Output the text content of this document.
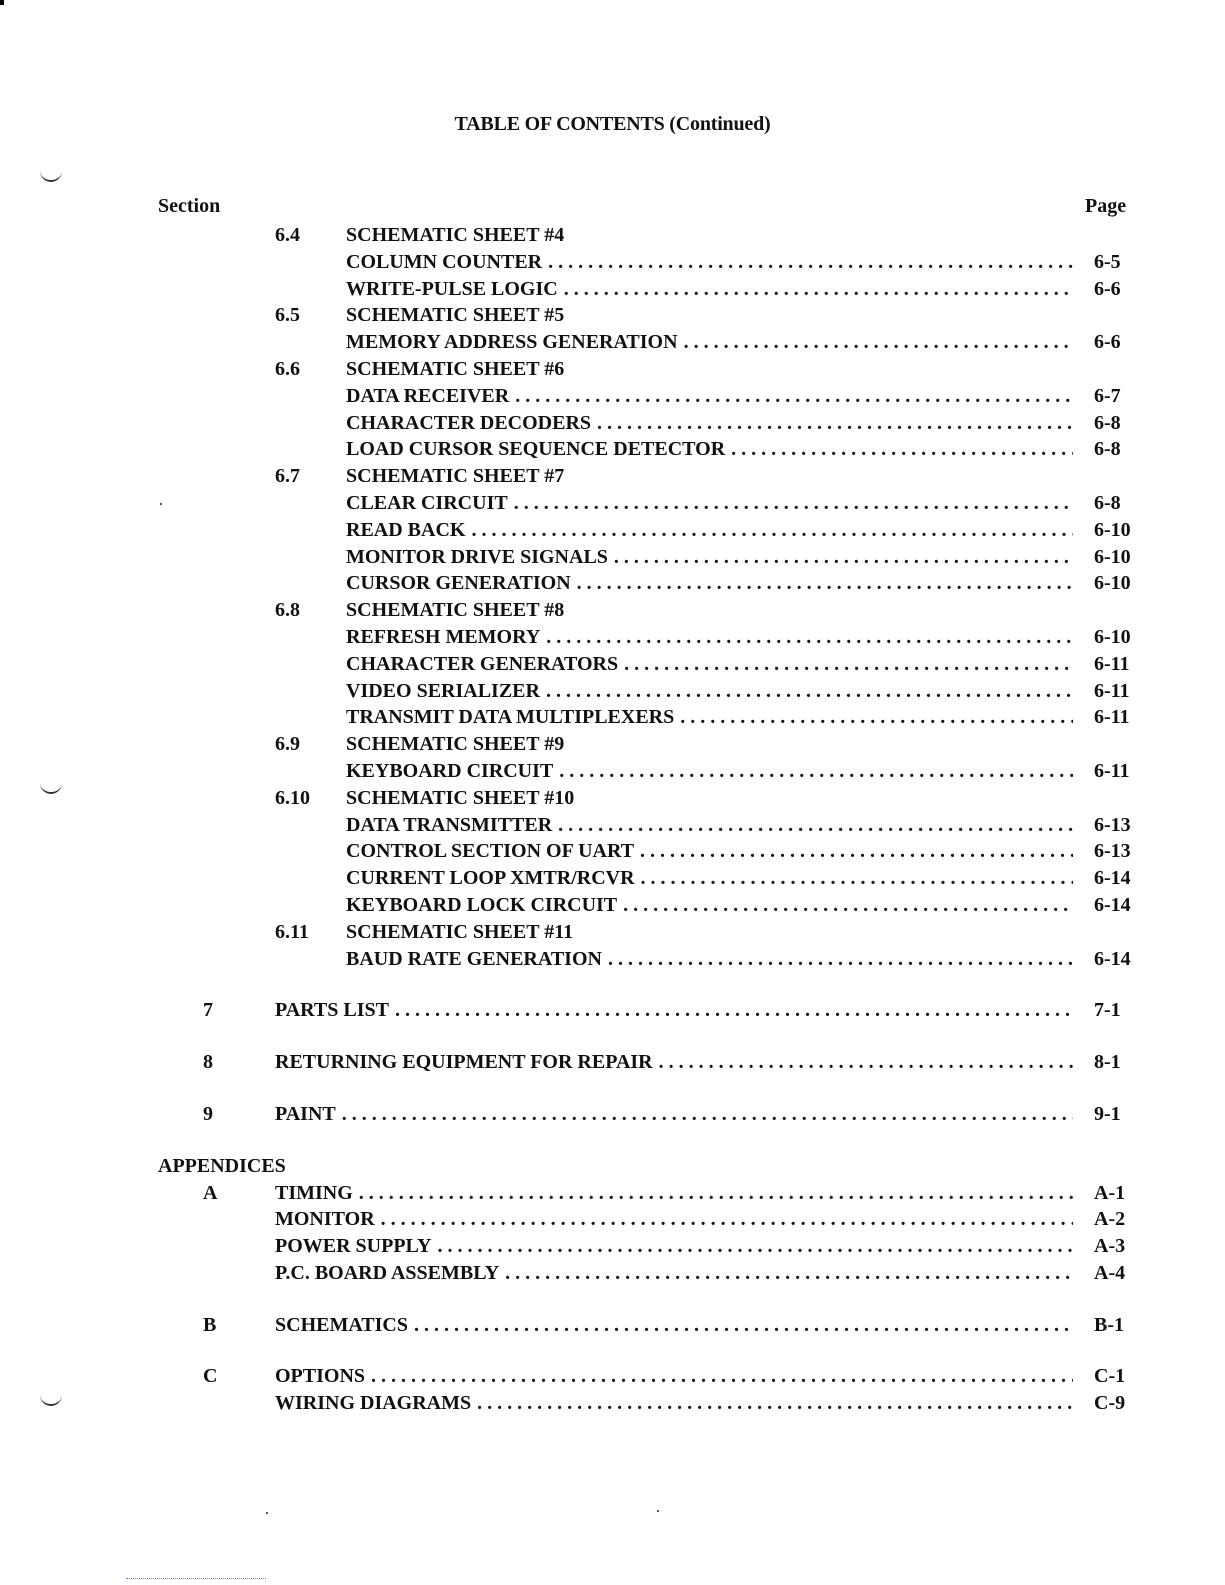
TABLE OF CONTENTS (Continued)
Section	Page
6.4 SCHEMATIC SHEET #4
COLUMN COUNTER . . .	6-5
WRITE-PULSE LOGIC . . .	6-6
6.5 SCHEMATIC SHEET #5
MEMORY ADDRESS GENERATION . . .	6-6
6.6 SCHEMATIC SHEET #6
DATA RECEIVER . . .	6-7
CHARACTER DECODERS . . .	6-8
LOAD CURSOR SEQUENCE DETECTOR . . .	6-8
6.7 SCHEMATIC SHEET #7
CLEAR CIRCUIT . . .	6-8
READ BACK . . .	6-10
MONITOR DRIVE SIGNALS . . .	6-10
CURSOR GENERATION . . .	6-10
6.8 SCHEMATIC SHEET #8
REFRESH MEMORY . . .	6-10
CHARACTER GENERATORS . . .	6-11
VIDEO SERIALIZER . . .	6-11
TRANSMIT DATA MULTIPLEXERS . . .	6-11
6.9 SCHEMATIC SHEET #9
KEYBOARD CIRCUIT . . .	6-11
6.10 SCHEMATIC SHEET #10
DATA TRANSMITTER . . .	6-13
CONTROL SECTION OF UART . . .	6-13
CURRENT LOOP XMTR/RCVR . . .	6-14
KEYBOARD LOCK CIRCUIT . . .	6-14
6.11 SCHEMATIC SHEET #11
BAUD RATE GENERATION . . .	6-14
7	PARTS LIST . . .	7-1
8	RETURNING EQUIPMENT FOR REPAIR . . .	8-1
9	PAINT . . .	9-1
APPENDICES
A	TIMING . . .	A-1
MONITOR . . .	A-2
POWER SUPPLY . . .	A-3
P.C. BOARD ASSEMBLY . . .	A-4
B	SCHEMATICS . . .	B-1
C	OPTIONS . . .	C-1
WIRING DIAGRAMS . . .	C-9
